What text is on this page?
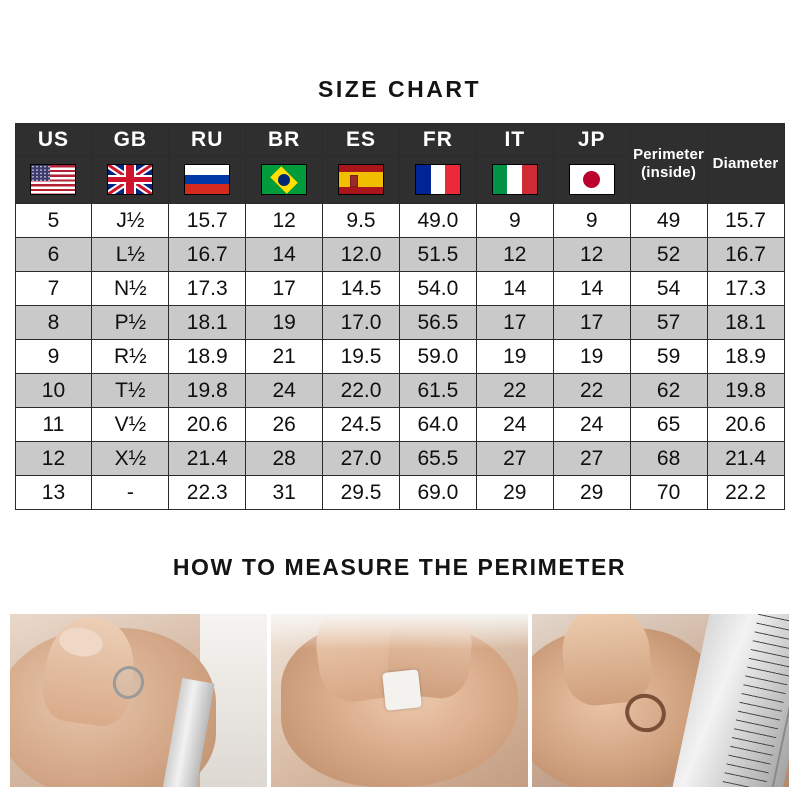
SIZE CHART
US	GB	RU	BR	ES	FR	IT	JP	Perimeter (inside)	Diameter

5	J½	15.7	12	9.5	49.0	9	9	49	15.7
6	L½	16.7	14	12.0	51.5	12	12	52	16.7
7	N½	17.3	17	14.5	54.0	14	14	54	17.3
8	P½	18.1	19	17.0	56.5	17	17	57	18.1
9	R½	18.9	21	19.5	59.0	19	19	59	18.9
10	T½	19.8	24	22.0	61.5	22	22	62	19.8
11	V½	20.6	26	24.5	64.0	24	24	65	20.6
12	X½	21.4	28	27.0	65.5	27	27	68	21.4
13	-	22.3	31	29.5	69.0	29	29	70	22.2
HOW TO MEASURE THE PERIMETER
